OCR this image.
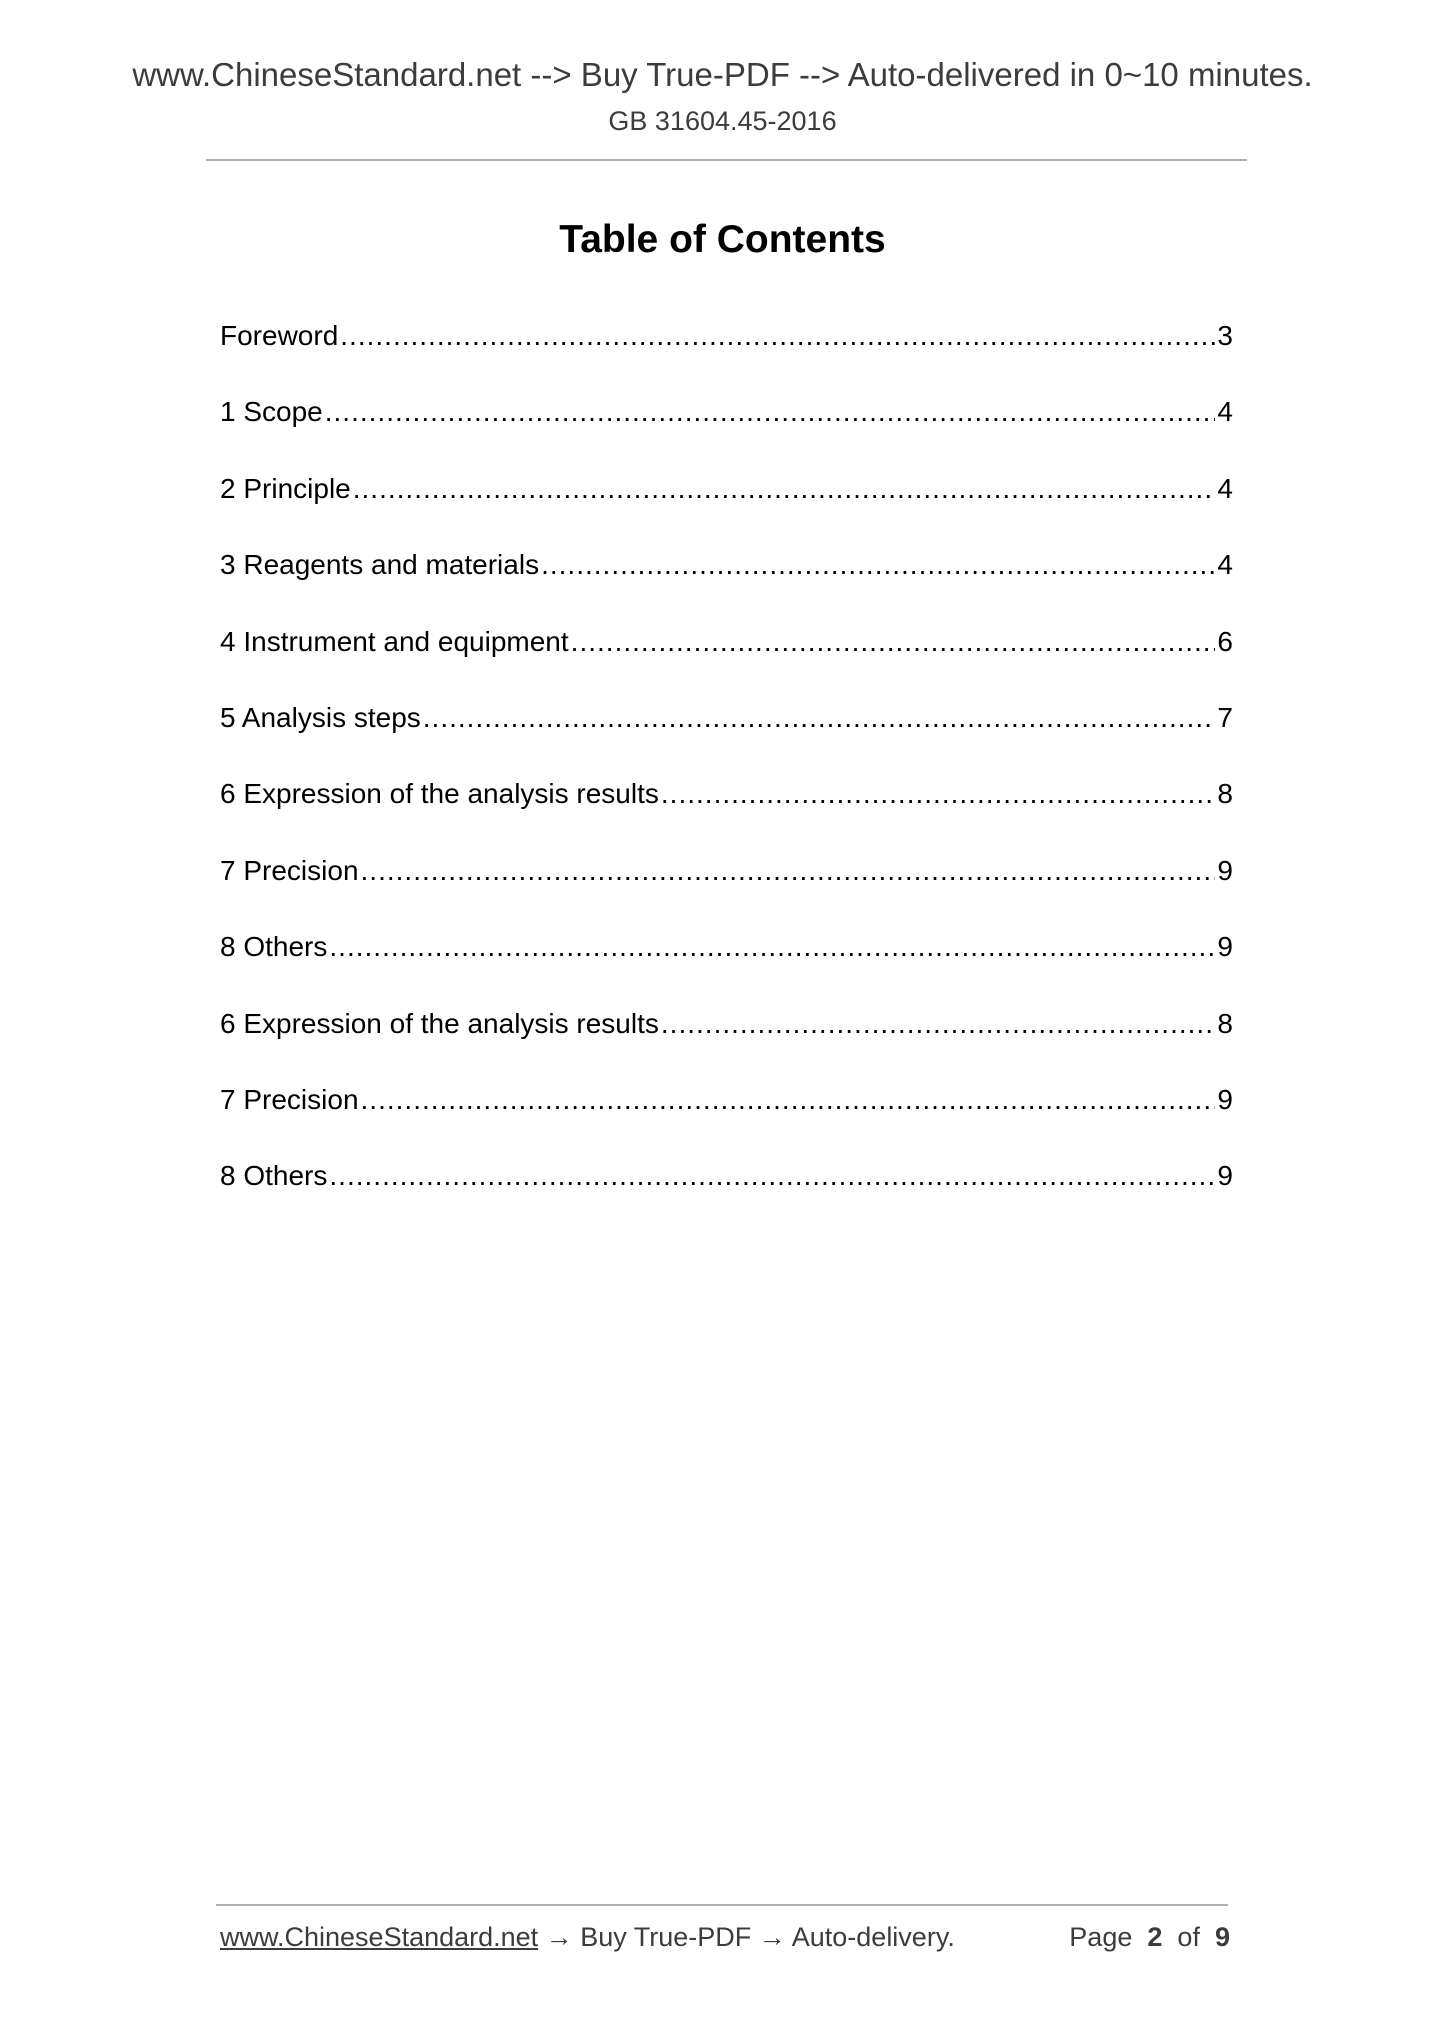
www.ChineseStandard.net --> Buy True-PDF --> Auto-delivered in 0~10 minutes.
GB 31604.45-2016
Table of Contents
Foreword .....	3
1 Scope .....	4
2 Principle .....	4
3 Reagents and materials .....	4
4 Instrument and equipment .....	6
5 Analysis steps .....	7
6 Expression of the analysis results .....	8
7 Precision .....	9
8 Others .....	9
6 Expression of the analysis results .....	8
7 Precision .....	9
8 Others .....	9
www.ChineseStandard.net → Buy True-PDF → Auto-delivery.	Page 2 of 9
